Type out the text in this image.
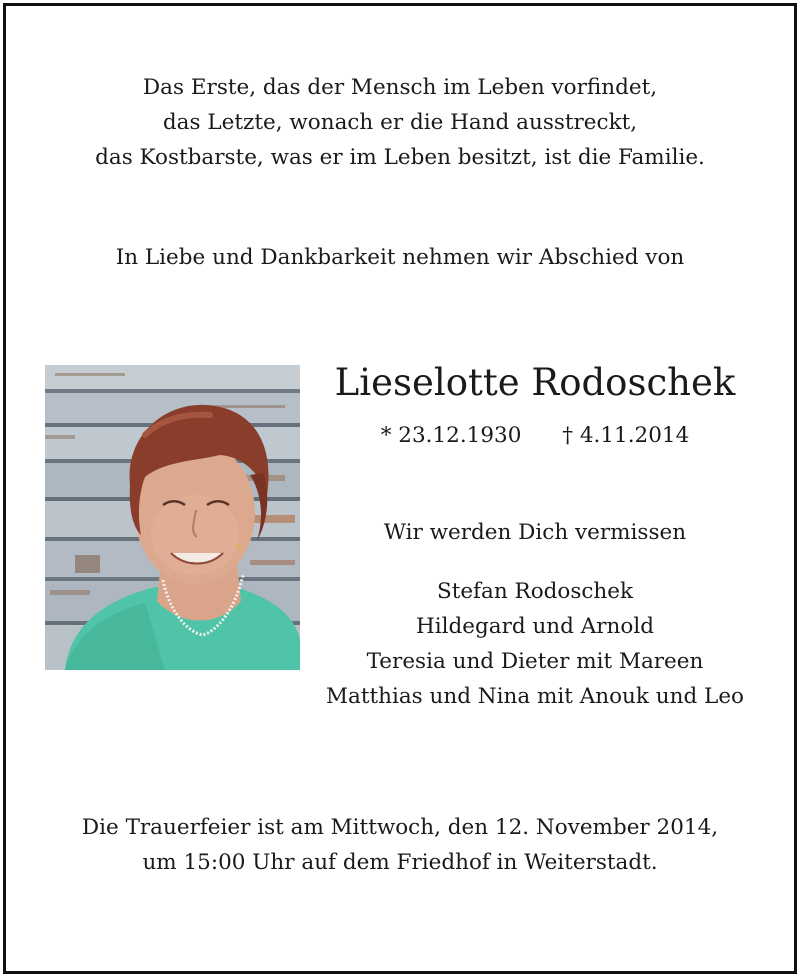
Das Erste, das der Mensch im Leben vorfindet,
das Letzte, wonach er die Hand ausstreckt,
das Kostbarste, was er im Leben besitzt, ist die Familie.
In Liebe und Dankbarkeit nehmen wir Abschied von
Lieselotte Rodoschek
* 23.12.1930 † 4.11.2014
Wir werden Dich vermissen
Stefan Rodoschek
Hildegard und Arnold
Teresia und Dieter mit Mareen
Matthias und Nina mit Anouk und Leo
Die Trauerfeier ist am Mittwoch, den 12. November 2014,
um 15:00 Uhr auf dem Friedhof in Weiterstadt.
